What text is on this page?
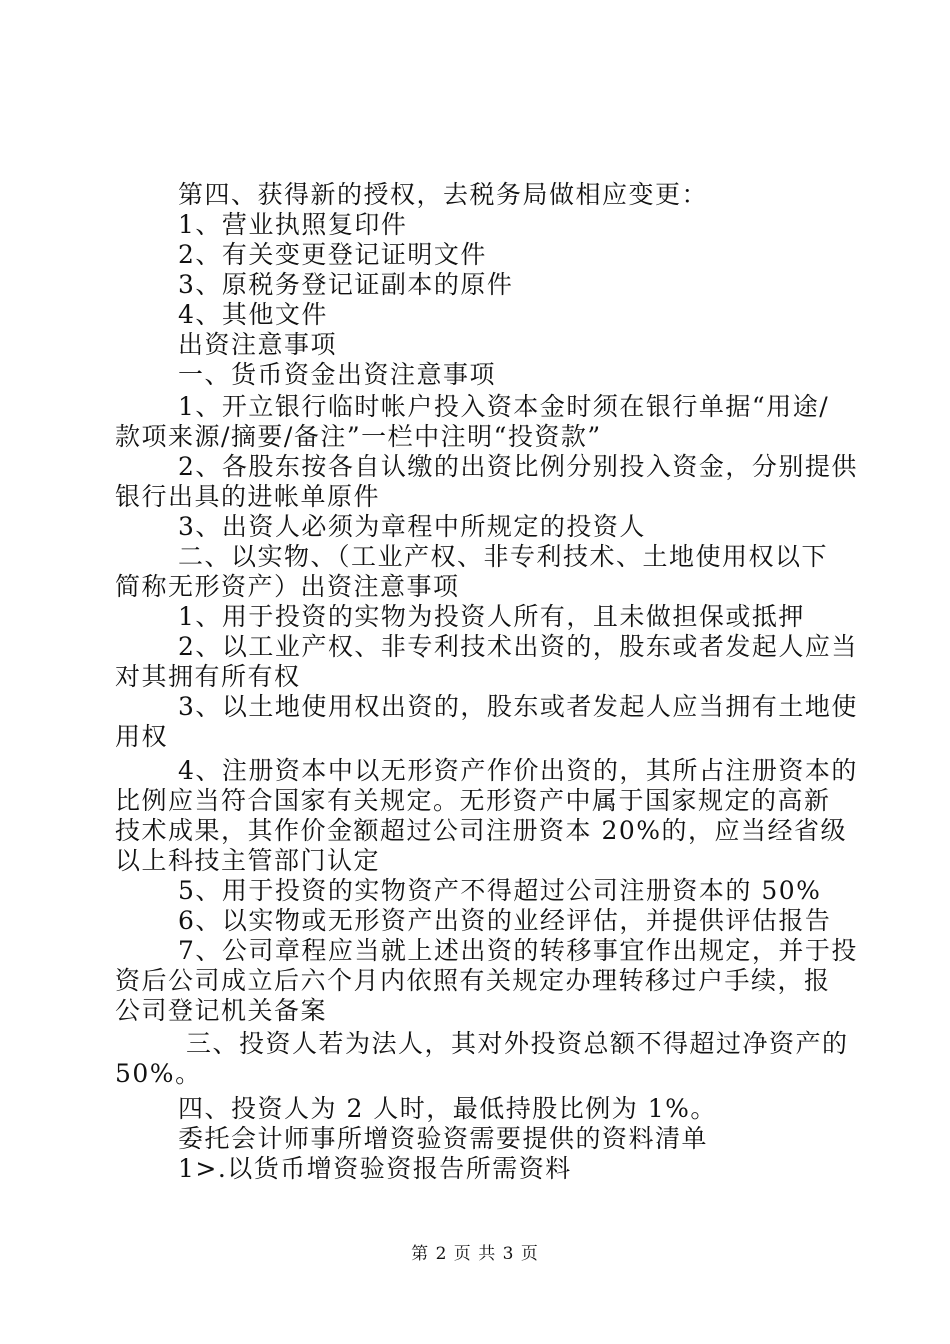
第四、获得新的授权，去税务局做相应变更：
1、营业执照复印件
2、有关变更登记证明文件
3、原税务登记证副本的原件
4、其他文件
出资注意事项
一、货币资金出资注意事项
1、开立银行临时帐户投入资本金时须在银行单据“用途/
款项来源/摘要/备注”一栏中注明“投资款”
2、各股东按各自认缴的出资比例分别投入资金，分别提供
银行出具的进帐单原件
3、出资人必须为章程中所规定的投资人
二、以实物、（工业产权、非专利技术、土地使用权以下
简称无形资产）出资注意事项
1、用于投资的实物为投资人所有，且未做担保或抵押
2、以工业产权、非专利技术出资的，股东或者发起人应当
对其拥有所有权
3、以土地使用权出资的，股东或者发起人应当拥有土地使
用权
4、注册资本中以无形资产作价出资的，其所占注册资本的
比例应当符合国家有关规定。无形资产中属于国家规定的高新
技术成果，其作价金额超过公司注册资本 20%的，应当经省级
以上科技主管部门认定
5、用于投资的实物资产不得超过公司注册资本的 50%
6、以实物或无形资产出资的业经评估，并提供评估报告
7、公司章程应当就上述出资的转移事宜作出规定，并于投
资后公司成立后六个月内依照有关规定办理转移过户手续，报
公司登记机关备案
三、投资人若为法人，其对外投资总额不得超过净资产的
50%。
四、投资人为 2 人时，最低持股比例为 1%。
委托会计师事所增资验资需要提供的资料清单
1>.以货币增资验资报告所需资料
第 2 页 共 3 页
